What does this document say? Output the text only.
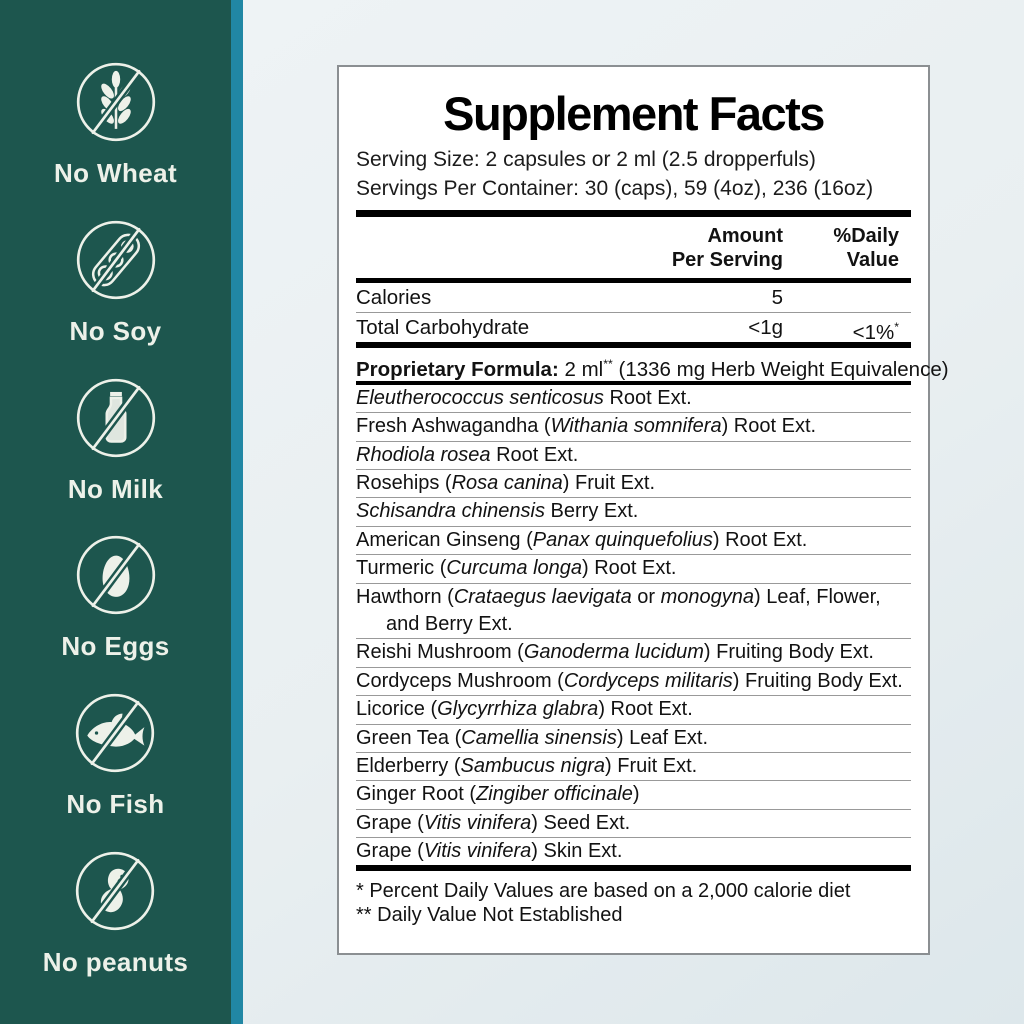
No Wheat
No Soy
No Milk
No Eggs
No Fish
No peanuts
Supplement Facts
Serving Size: 2 capsules or 2 ml (2.5 dropperfuls)
Servings Per Container: 30 (caps), 59 (4oz), 236 (16oz)
Amount
Per Serving
%Daily
Value
Calories	5
Total Carbohydrate	<1g	<1%*
Proprietary Formula: 2 ml** (1336 mg Herb Weight Equivalence)
Eleutherococcus senticosus Root Ext.
Fresh Ashwagandha (Withania somnifera) Root Ext.
Rhodiola rosea Root Ext.
Rosehips (Rosa canina) Fruit Ext.
Schisandra chinensis Berry Ext.
American Ginseng (Panax quinquefolius) Root Ext.
Turmeric (Curcuma longa) Root Ext.
Hawthorn (Crataegus laevigata or monogyna) Leaf, Flower,
and Berry Ext.
Reishi Mushroom (Ganoderma lucidum) Fruiting Body Ext.
Cordyceps Mushroom (Cordyceps militaris) Fruiting Body Ext.
Licorice (Glycyrrhiza glabra) Root Ext.
Green Tea (Camellia sinensis) Leaf Ext.
Elderberry (Sambucus nigra) Fruit Ext.
Ginger Root (Zingiber officinale)
Grape (Vitis vinifera) Seed Ext.
Grape (Vitis vinifera) Skin Ext.
* Percent Daily Values are based on a 2,000 calorie diet
** Daily Value Not Established
